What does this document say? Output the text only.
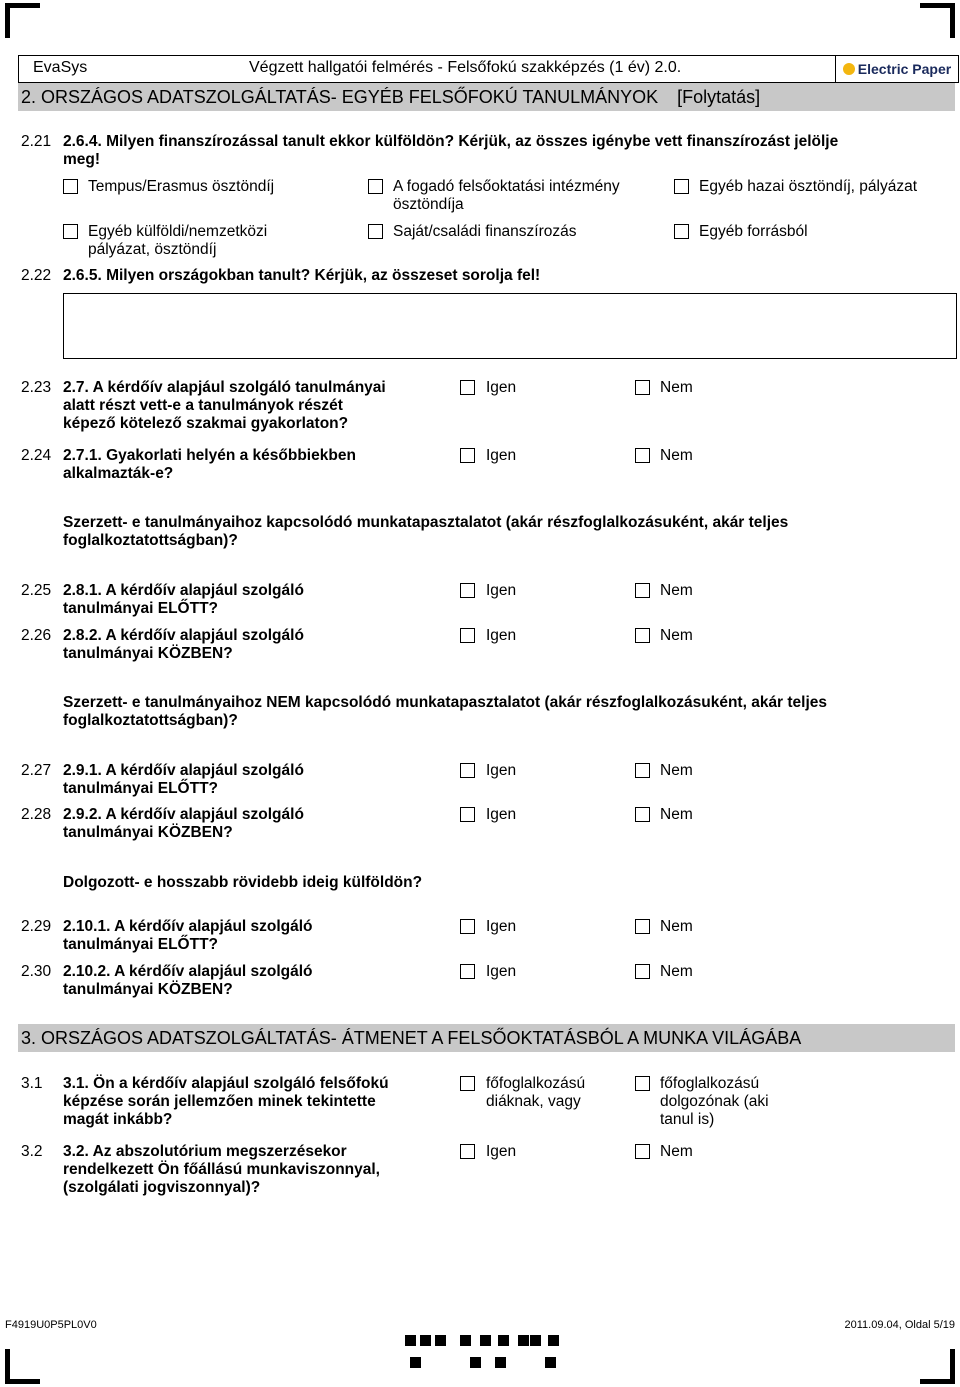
EvaSys	Végzett hallgatói felmérés - Felsőfokú szakképzés (1 év) 2.0.	Electric Paper
2. ORSZÁGOS ADATSZOLGÁLTATÁS- EGYÉB FELSŐFOKÚ TANULMÁNYOK [Folytatás]
2.21 2.6.4. Milyen finanszírozással tanult ekkor külföldön? Kérjük, az összes igénybe vett finanszírozást jelölje
meg!
Tempus/Erasmus ösztöndíj	A fogadó felsőoktatási intézmény
ösztöndíja
Egyéb hazai ösztöndíj, pályázat
Egyéb külföldi/nemzetközi
pályázat, ösztöndíj
Saját/családi finanszírozás	Egyéb forrásból
2.22 2.6.5. Milyen országokban tanult? Kérjük, az összeset sorolja fel!
2.23 2.7. A kérdőív alapjául szolgáló tanulmányai
alatt részt vett-e a tanulmányok részét
képező kötelező szakmai gyakorlaton?
Igen	Nem
2.24 2.7.1. Gyakorlati helyén a későbbiekben
alkalmazták-e?
Igen	Nem
Szerzett- e tanulmányaihoz kapcsolódó munkatapasztalatot (akár részfoglalkozásuként, akár teljes
foglalkoztatottságban)?
2.25 2.8.1. A kérdőív alapjául szolgáló
tanulmányai ELŐTT?
Igen	Nem
2.26 2.8.2. A kérdőív alapjául szolgáló
tanulmányai KÖZBEN?
Igen	Nem
Szerzett- e tanulmányaihoz NEM kapcsolódó munkatapasztalatot (akár részfoglalkozásuként, akár teljes
foglalkoztatottságban)?
2.27 2.9.1. A kérdőív alapjául szolgáló
tanulmányai ELŐTT?
Igen	Nem
2.28 2.9.2. A kérdőív alapjául szolgáló
tanulmányai KÖZBEN?
Igen	Nem
Dolgozott- e hosszabb rövidebb ideig külföldön?
2.29 2.10.1. A kérdőív alapjául szolgáló
tanulmányai ELŐTT?
Igen	Nem
2.30 2.10.2. A kérdőív alapjául szolgáló
tanulmányai KÖZBEN?
Igen	Nem
3. ORSZÁGOS ADATSZOLGÁLTATÁS- ÁTMENET A FELSŐOKTATÁSBÓL A MUNKA VILÁGÁBA
3.1 3.1. Ön a kérdőív alapjául szolgáló felsőfokú
képzése során jellemzően minek tekintette
magát inkább?
főfoglalkozású
diáknak, vagy
főfoglalkozású
dolgozónak (aki
tanul is)
3.2 3.2. Az abszolutórium megszerzésekor
rendelkezett Ön főállású munkaviszonnyal,
(szolgálati jogviszonnyal)?
Igen	Nem
F4919U0P5PL0V0	2011.09.04, Oldal 5/19
